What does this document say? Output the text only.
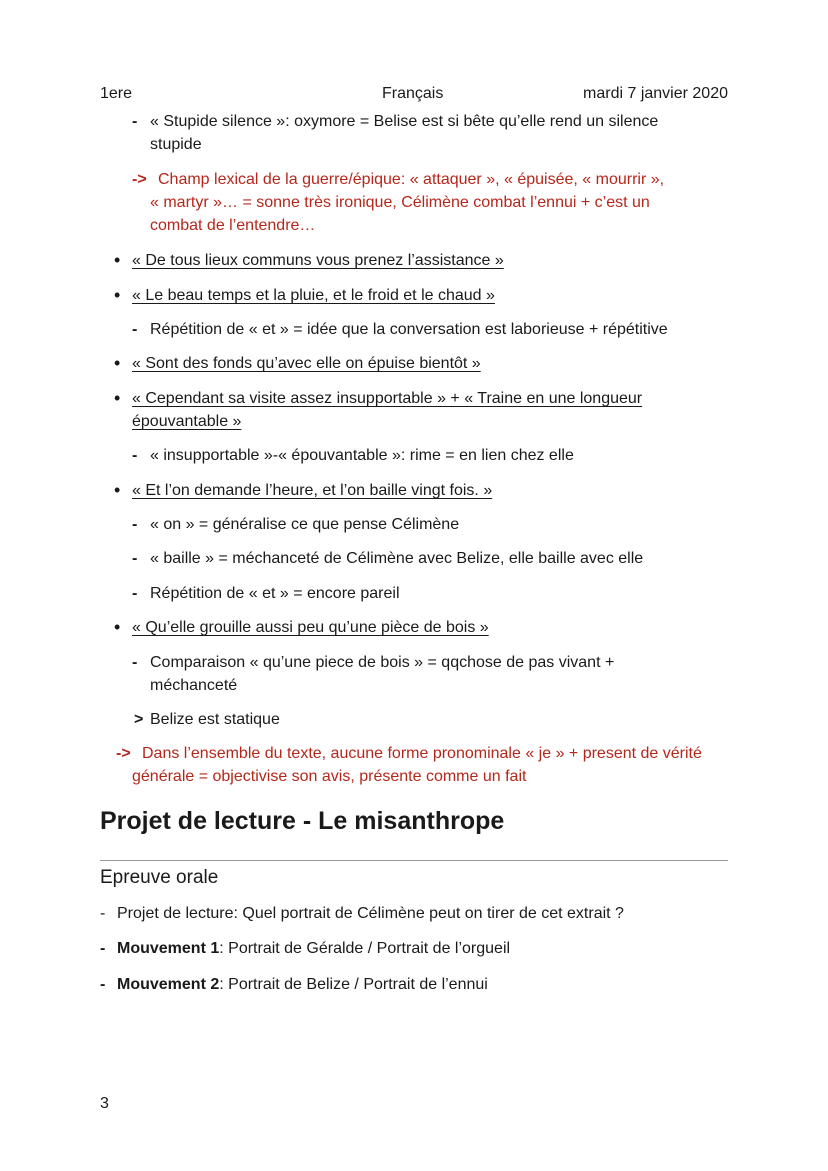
1ere	Français	mardi 7 janvier 2020
- « Stupide silence »: oxymore = Belise est si bête qu’elle rend un silence
stupide
-> Champ lexical de la guerre/épique: « attaquer », « épuisée, « mourrir »,
« martyr »… = sonne très ironique, Célimène combat l’ennui + c’est un
combat de l’entendre…
• « De tous lieux communs vous prenez l’assistance »
• « Le beau temps et la pluie, et le froid et le chaud »
- Répétition de « et » = idée que la conversation est laborieuse + répétitive
• « Sont des fonds qu’avec elle on épuise bientôt »
• « Cependant sa visite assez insupportable » + « Traine en une longueur
épouvantable »
- « insupportable »-« épouvantable »: rime = en lien chez elle
• « Et l’on demande l’heure, et l’on baille vingt fois. »
- « on » = généralise ce que pense Célimène
- « baille » = méchanceté de Célimène avec Belize, elle baille avec elle
- Répétition de « et » = encore pareil
• « Qu’elle grouille aussi peu qu’une pièce de bois »
- Comparaison « qu’une piece de bois » = qqchose de pas vivant +
méchanceté
> Belize est statique
-> Dans l’ensemble du texte, aucune forme pronominale « je » + present de vérité
générale = objectivise son avis, présente comme un fait
Projet de lecture - Le misanthrope
Epreuve orale
- Projet de lecture: Quel portrait de Célimène peut on tirer de cet extrait ?
- Mouvement 1: Portrait de Géralde / Portrait de l’orgueil
- Mouvement 2: Portrait de Belize / Portrait de l’ennui
3
